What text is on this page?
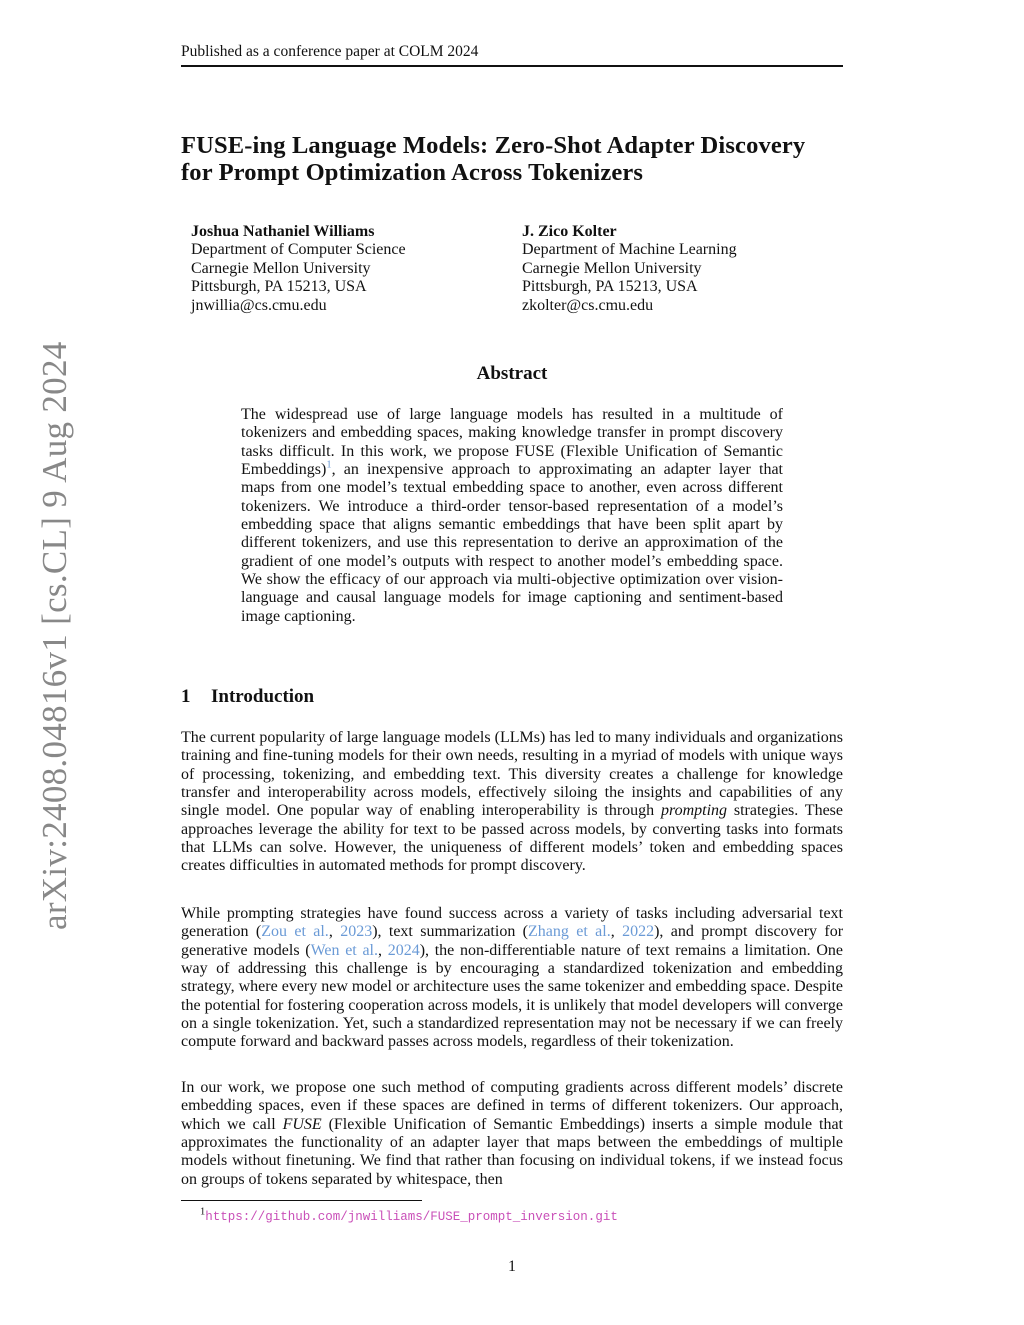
Published as a conference paper at COLM 2024
FUSE-ing Language Models: Zero-Shot Adapter Discovery
for Prompt Optimization Across Tokenizers
Joshua Nathaniel Williams
Department of Computer Science
Carnegie Mellon University
Pittsburgh, PA 15213, USA
jnwillia@cs.cmu.edu
J. Zico Kolter
Department of Machine Learning
Carnegie Mellon University
Pittsburgh, PA 15213, USA
zkolter@cs.cmu.edu
arXiv:2408.04816v1 [cs.CL] 9 Aug 2024	Abstract
The widespread use of large language models has resulted in a multitude of tokenizers and embedding spaces, making knowledge transfer in prompt discovery tasks difficult. In this work, we propose FUSE (Flexible Unification of Semantic Embeddings)$^1$, an inexpensive approach to approximating an adapter layer that maps from one model’s textual embedding space to another, even across different tokenizers. We introduce a third-order tensor-based representation of a model’s embedding space that aligns semantic embeddings that have been split apart by different tokenizers, and use this representation to derive an approximation of the gradient of one model’s outputs with respect to another model’s embedding space. We show the efficacy of our approach via multi-objective optimization over vision-language and causal language models for image captioning and sentiment-based image captioning.
1 Introduction

The current popularity of large language models (LLMs) has led to many individuals and organizations training and fine-tuning models for their own needs, resulting in a myriad of models with unique ways of processing, tokenizing, and embedding text. This diversity creates a challenge for knowledge transfer and interoperability across models, effectively siloing the insights and capabilities of any single model. One popular way of enabling interoperability is through prompting strategies. These approaches leverage the ability for text to be passed across models, by converting tasks into formats that LLMs can solve. However, the uniqueness of different models’ token and embedding spaces creates difficulties in automated methods for prompt discovery.

While prompting strategies have found success across a variety of tasks including adversarial text generation (Zou et al., 2023), text summarization (Zhang et al., 2022), and prompt discovery for generative models (Wen et al., 2024), the non-differentiable nature of text remains a limitation. One way of addressing this challenge is by encouraging a standardized tokenization and embedding strategy, where every new model or architecture uses the same tokenizer and embedding space. Despite the potential for fostering cooperation across models, it is unlikely that model developers will converge on a single tokenization. Yet, such a standardized representation may not be necessary if we can freely compute forward and backward passes across models, regardless of their tokenization.

In our work, we propose one such method of computing gradients across different models’ discrete embedding spaces, even if these spaces are defined in terms of different tokenizers. Our approach, which we call FUSE (Flexible Unification of Semantic Embeddings) inserts a simple module that approximates the functionality of an adapter layer that maps between the embeddings of multiple models without finetuning. We find that rather than focusing on individual tokens, if we instead focus on groups of tokens separated by whitespace, then

$^1$https://github.com/jnwilliams/FUSE_prompt_inversion.git
1
